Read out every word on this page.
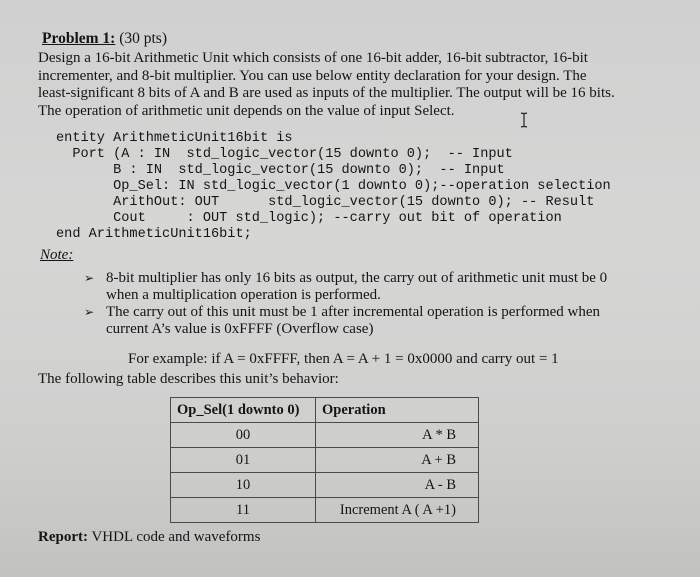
Problem 1: (30 pts)
Design a 16-bit Arithmetic Unit which consists of one 16-bit adder, 16-bit subtractor, 16-bit
incrementer, and 8-bit multiplier. You can use below entity declaration for your design. The
least-significant 8 bits of A and B are used as inputs of the multiplier. The output will be 16 bits.
The operation of arithmetic unit depends on the value of input Select.
entity ArithmeticUnit16bit is
Port (A : IN  std_logic_vector(15 downto 0);  -- Input
B : IN  std_logic_vector(15 downto 0);  -- Input
Op_Sel: IN std_logic_vector(1 downto 0);--operation selection
ArithOut: OUT      std_logic_vector(15 downto 0); -- Result
Cout     : OUT std_logic); --carry out bit of operation
end ArithmeticUnit16bit;
Note:
➢ 8-bit multiplier has only 16 bits as output, the carry out of arithmetic unit must be 0
when a multiplication operation is performed.
➢ The carry out of this unit must be 1 after incremental operation is performed when
current A’s value is 0xFFFF (Overflow case)
For example: if A = 0xFFFF, then A = A + 1 = 0x0000 and carry out = 1
The following table describes this unit’s behavior:
Op_Sel(1 downto 0)	Operation
00	A * B
01	A + B
10	A - B
11	Increment A ( A +1)
Report: VHDL code and waveforms
